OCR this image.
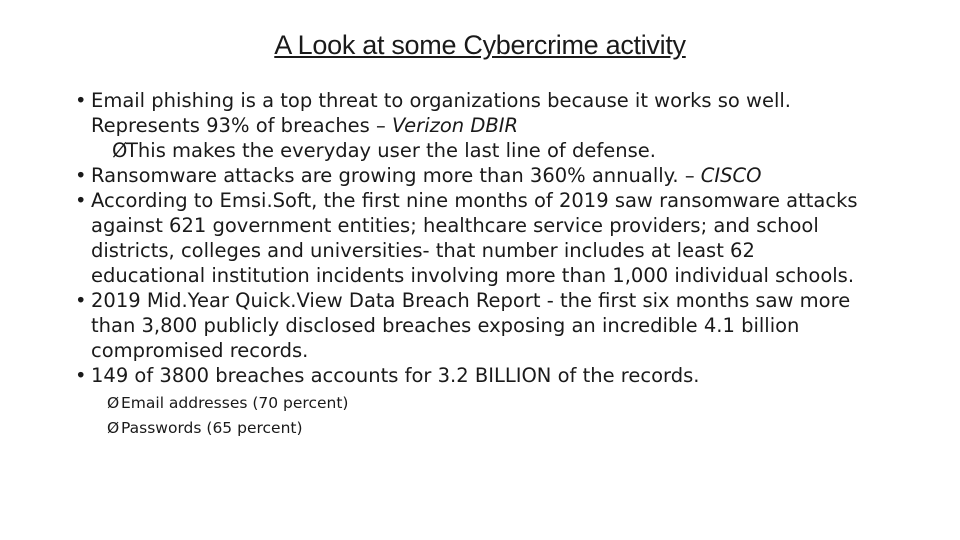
A Look at some Cybercrime activity
• Email phishing is a top threat to organizations because it works so well. Represents 93% of breaches – Verizon DBIR
ØThis makes the everyday user the last line of defense.
• Ransomware attacks are growing more than 360% annually. – CISCO
• According to Emsi.Soft, the first nine months of 2019 saw ransomware attacks against 621 government entities; healthcare service providers; and school districts, colleges and universities- that number includes at least 62 educational institution incidents involving more than 1,000 individual schools.
• 2019 Mid.Year Quick.View Data Breach Report - the first six months saw more than 3,800 publicly disclosed breaches exposing an incredible 4.1 billion compromised records.
• 149 of 3800 breaches accounts for 3.2 BILLION of the records.
Ø Email addresses (70 percent)
Ø Passwords (65 percent)
